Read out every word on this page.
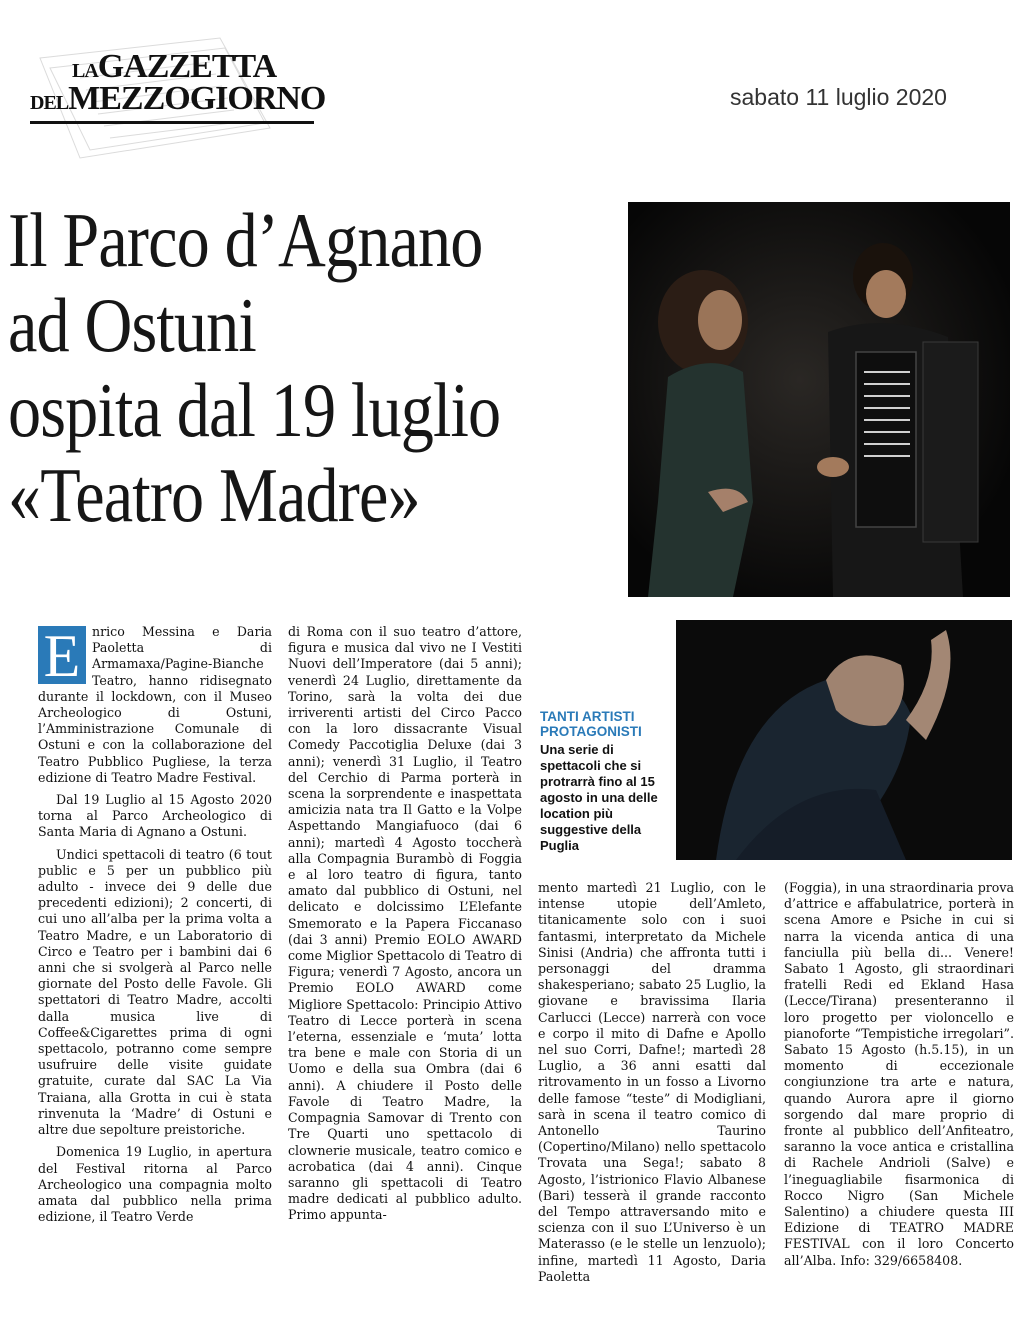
LAGAZZETTA
DELMEZZOGIORNO	sabato 11 luglio 2020
Il Parco d’Agnano
ad Ostuni
ospita dal 19 luglio
«Teatro Madre»
TANTI ARTISTI PROTAGONISTI
Una serie di spettacoli che si protrarrà fino al 15 agosto in una delle location più suggestive della Puglia
E nrico Messina e Daria Paoletta di Armamaxa/Pagine-Bianche Teatro, hanno ridisegnato durante il lockdown, con il Museo Archeologico di Ostuni, l’Amministrazione Comunale di Ostuni e con la collaborazione del Teatro Pubblico Pugliese, la terza edizione di Teatro Madre Festival.

Dal 19 Luglio al 15 Agosto 2020 torna al Parco Archeologico di Santa Maria di Agnano a Ostuni.

Undici spettacoli di teatro (6 tout public e 5 per un pubblico più adulto - invece dei 9 delle due precedenti edizioni); 2 concerti, di cui uno all’alba per la prima volta a Teatro Madre, e un Laboratorio di Circo e Teatro per i bambini dai 6 anni che si svolgerà al Parco nelle giornate del Posto delle Favole. Gli spettatori di Teatro Madre, accolti dalla musica live di Coffee&Cigarettes prima di ogni spettacolo, potranno come sempre usufruire delle visite guidate gratuite, curate dal SAC La Via Traiana, alla Grotta in cui è stata rinvenuta la ‘Madre’ di Ostuni e altre due sepolture preistoriche.

Domenica 19 Luglio, in apertura del Festival ritorna al Parco Archeologico una compagnia molto amata dal pubblico nella prima edizione, il Teatro Verde

di Roma con il suo teatro d’attore, figura e musica dal vivo ne I Vestiti Nuovi dell’Imperatore (dai 5 anni); venerdì 24 Luglio, direttamente da Torino, sarà la volta dei due irriverenti artisti del Circo Pacco con la loro dissacrante Visual Comedy Paccotiglia Deluxe (dai 3 anni); venerdì 31 Luglio, il Teatro del Cerchio di Parma porterà in scena la sorprendente e inaspettata amicizia nata tra Il Gatto e la Volpe Aspettando Mangiafuoco (dai 6 anni); martedì 4 Agosto toccherà alla Compagnia Burambò di Foggia e al loro teatro di figura, tanto amato dal pubblico di Ostuni, nel delicato e dolcissimo L’Elefante Smemorato e la Papera Ficcanaso (dai 3 anni) Premio EOLO AWARD come Miglior Spettacolo di Teatro di Figura; venerdì 7 Agosto, ancora un Premio EOLO AWARD come Migliore Spettacolo: Principio Attivo Teatro di Lecce porterà in scena l’eterna, essenziale e ‘muta’ lotta tra bene e male con Storia di un Uomo e della sua Ombra (dai 6 anni). A chiudere il Posto delle Favole di Teatro Madre, la Compagnia Samovar di Trento con Tre Quarti uno spettacolo di clownerie musicale, teatro comico e acrobatica (dai 4 anni). Cinque saranno gli spettacoli di Teatro madre dedicati al pubblico adulto. Primo appunta-

mento martedì 21 Luglio, con le intense utopie dell’Amleto, titanicamente solo con i suoi fantasmi, interpretato da Michele Sinisi (Andria) che affronta tutti i personaggi del dramma shakesperiano; sabato 25 Luglio, la giovane e bravissima Ilaria Carlucci (Lecce) narrerà con voce e corpo il mito di Dafne e Apollo nel suo Corri, Dafne!; martedì 28 Luglio, a 36 anni esatti dal ritrovamento in un fosso a Livorno delle famose “teste” di Modigliani, sarà in scena il teatro comico di Antonello Taurino (Copertino/Milano) nello spettacolo Trovata una Sega!; sabato 8 Agosto, l’istrionico Flavio Albanese (Bari) tesserà il grande racconto del Tempo attraversando mito e scienza con il suo L’Universo è un Materasso (e le stelle un lenzuolo); infine, martedì 11 Agosto, Daria Paoletta

(Foggia), in una straordinaria prova d’attrice e affabulatrice, porterà in scena Amore e Psiche in cui si narra la vicenda antica di una fanciulla più bella di... Venere! Sabato 1 Agosto, gli straordinari fratelli Redi ed Ekland Hasa (Lecce/Tirana) presenteranno il loro progetto per violoncello e pianoforte “Tempistiche irregolari”. Sabato 15 Agosto (h.5.15), in un momento di eccezionale congiunzione tra arte e natura, quando Aurora apre il giorno sorgendo dal mare proprio di fronte al pubblico dell’Anfiteatro, saranno la voce antica e cristallina di Rachele Andrioli (Salve) e l’ineguagliabile fisarmonica di Rocco Nigro (San Michele Salentino) a chiudere questa III Edizione di TEATRO MADRE FESTIVAL con il loro Concerto all’Alba. Info: 329/6658408.
